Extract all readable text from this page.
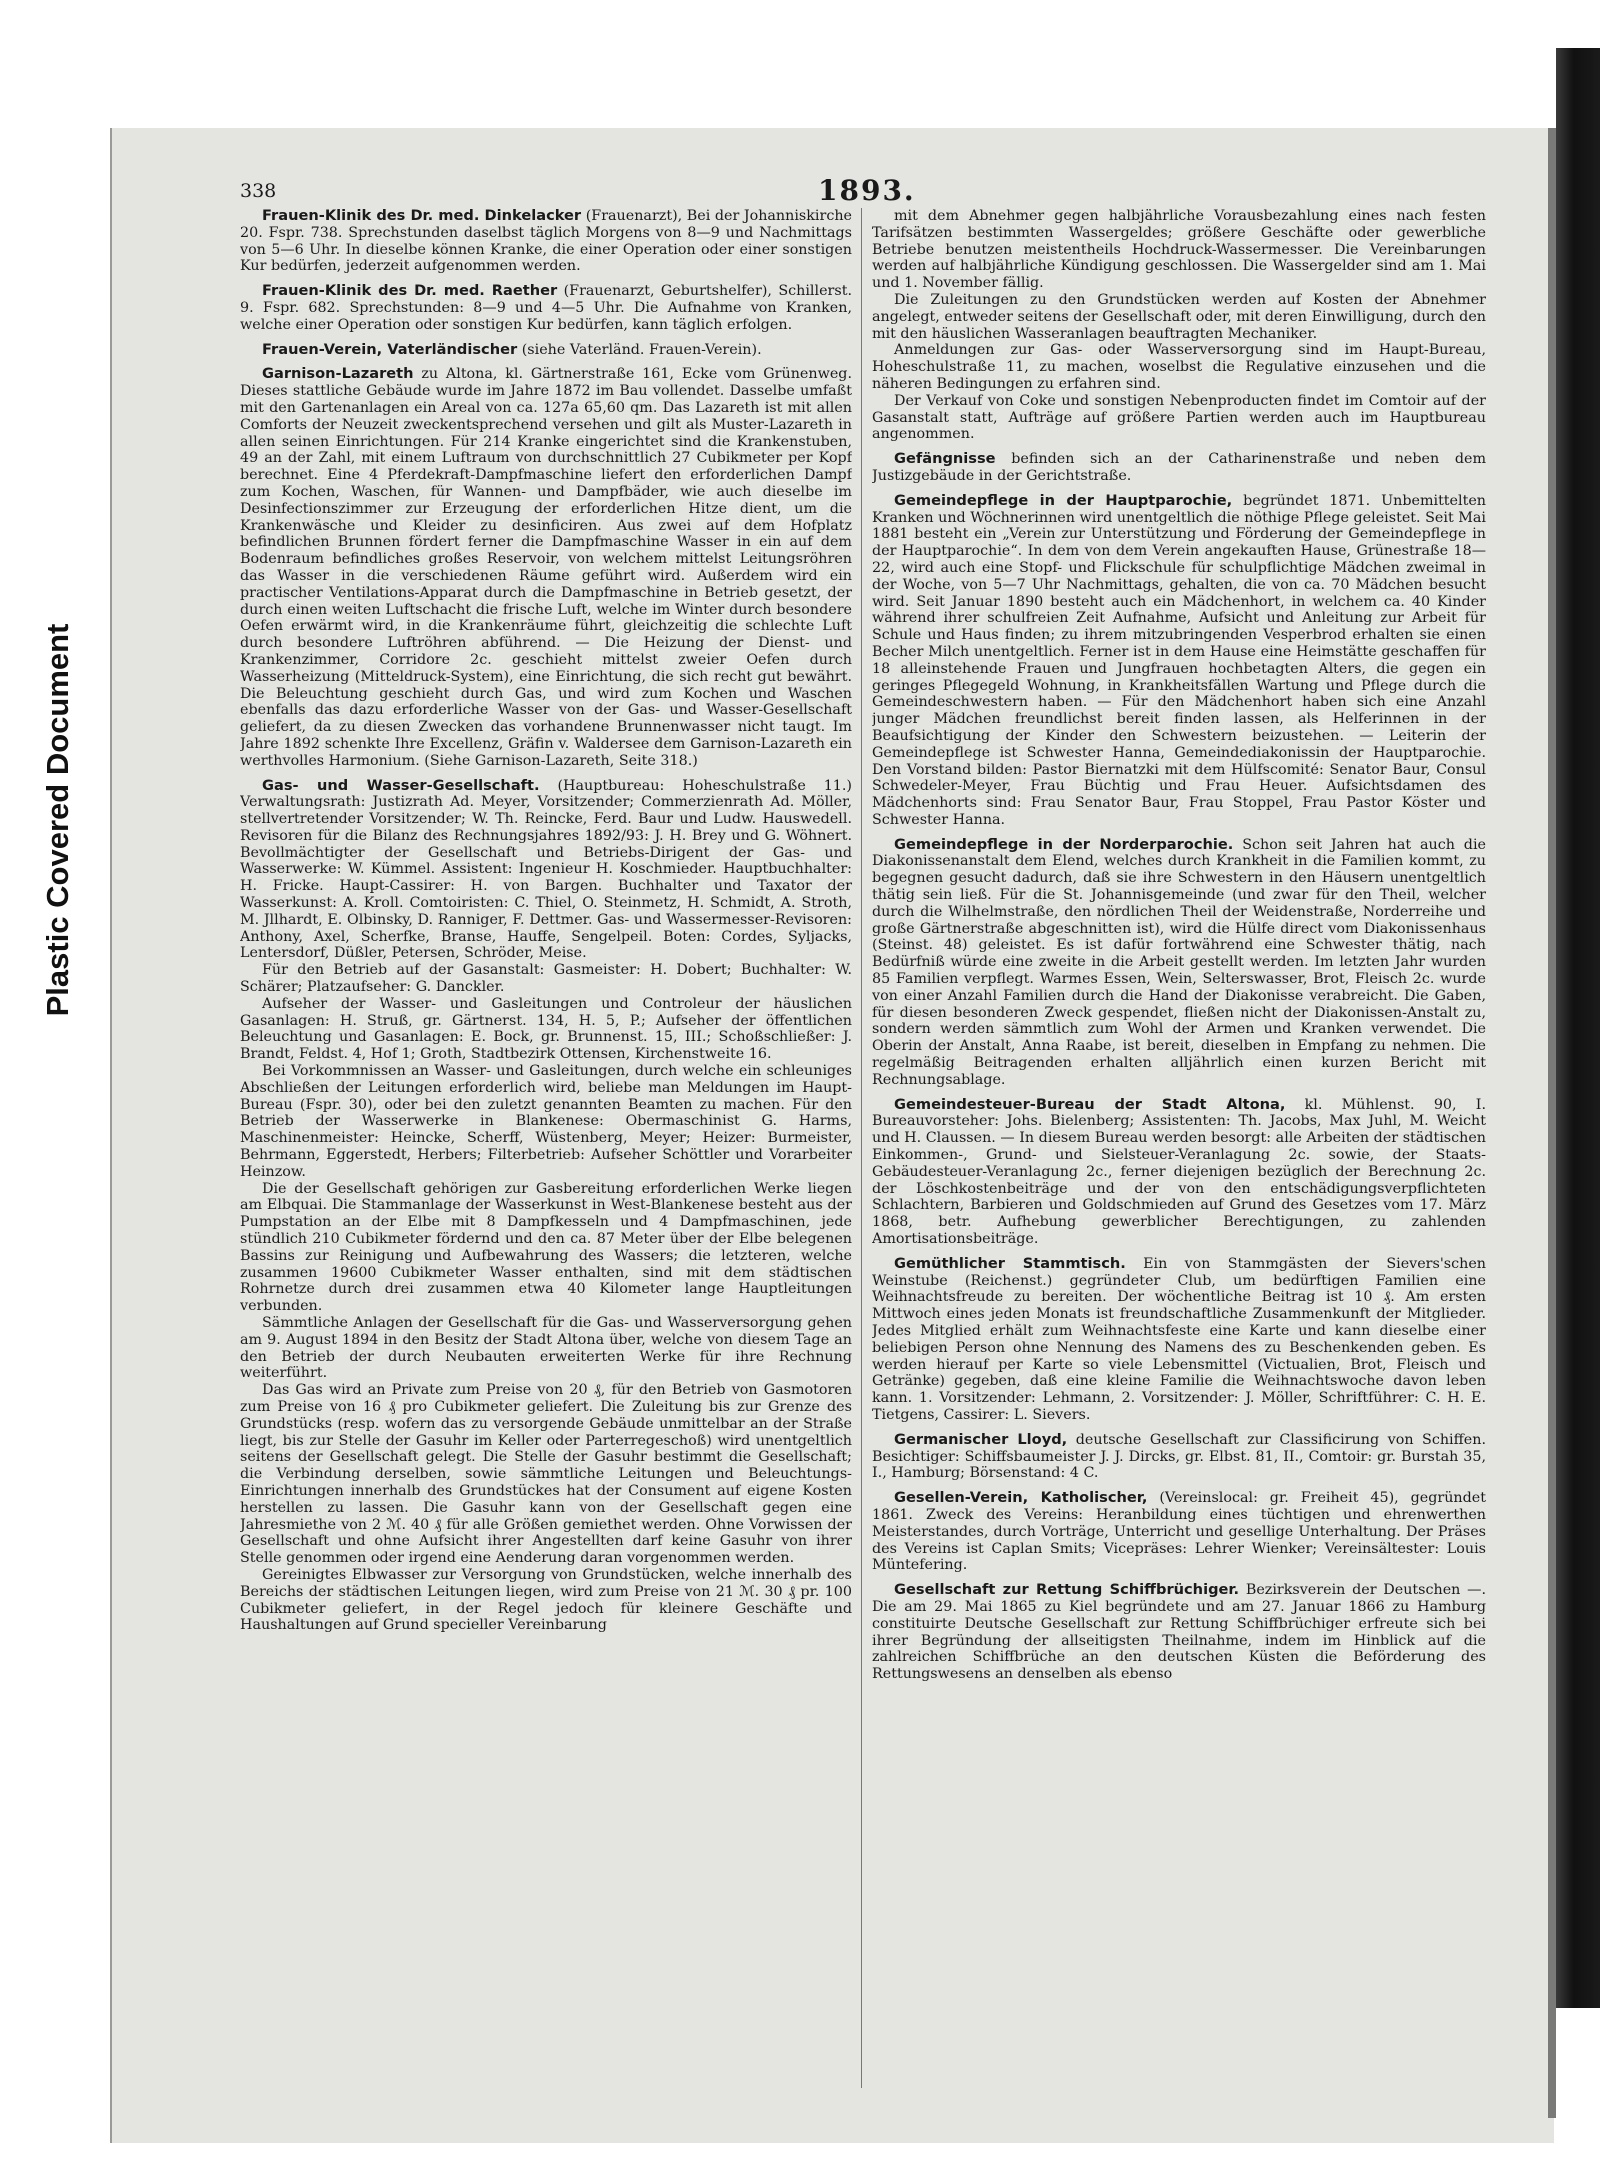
Plastic Covered Document
338	1893.

Frauen-Klinik des Dr. med. Dinkelacker (Frauenarzt), Bei der Johanniskirche 20. Fspr. 738. Sprechstunden daselbst täglich Morgens von 8—9 und Nachmittags von 5—6 Uhr. In dieselbe können Kranke, die einer Operation oder einer sonstigen Kur bedürfen, jederzeit aufgenommen werden.

Frauen-Klinik des Dr. med. Raether (Frauenarzt, Geburtshelfer), Schillerst. 9. Fspr. 682. Sprechstunden: 8—9 und 4—5 Uhr. Die Aufnahme von Kranken, welche einer Operation oder sonstigen Kur bedürfen, kann täglich erfolgen.

Frauen-Verein, Vaterländischer (siehe Vaterländ. Frauen-Verein).

Garnison-Lazareth zu Altona, kl. Gärtnerstraße 161, Ecke vom Grünenweg. Dieses stattliche Gebäude wurde im Jahre 1872 im Bau vollendet. Dasselbe umfaßt mit den Gartenanlagen ein Areal von ca. 127a 65,60 qm. Das Lazareth ist mit allen Comforts der Neuzeit zweckentsprechend versehen und gilt als Muster-Lazareth in allen seinen Einrichtungen. Für 214 Kranke eingerichtet sind die Krankenstuben, 49 an der Zahl, mit einem Luftraum von durchschnittlich 27 Cubikmeter per Kopf berechnet. Eine 4 Pferdekraft-Dampfmaschine liefert den erforderlichen Dampf zum Kochen, Waschen, für Wannen- und Dampfbäder, wie auch dieselbe im Desinfectionszimmer zur Erzeugung der erforderlichen Hitze dient, um die Krankenwäsche und Kleider zu desinficiren. Aus zwei auf dem Hofplatz befindlichen Brunnen fördert ferner die Dampfmaschine Wasser in ein auf dem Bodenraum befindliches großes Reservoir, von welchem mittelst Leitungsröhren das Wasser in die verschiedenen Räume geführt wird. Außerdem wird ein practischer Ventilations-Apparat durch die Dampfmaschine in Betrieb gesetzt, der durch einen weiten Luftschacht die frische Luft, welche im Winter durch besondere Oefen erwärmt wird, in die Krankenräume führt, gleichzeitig die schlechte Luft durch besondere Luftröhren abführend. — Die Heizung der Dienst- und Krankenzimmer, Corridore 2c. geschieht mittelst zweier Oefen durch Wasserheizung (Mitteldruck-System), eine Einrichtung, die sich recht gut bewährt. Die Beleuchtung geschieht durch Gas, und wird zum Kochen und Waschen ebenfalls das dazu erforderliche Wasser von der Gas- und Wasser-Gesellschaft geliefert, da zu diesen Zwecken das vorhandene Brunnenwasser nicht taugt. Im Jahre 1892 schenkte Ihre Excellenz, Gräfin v. Waldersee dem Garnison-Lazareth ein werthvolles Harmonium. (Siehe Garnison-Lazareth, Seite 318.)

Gas- und Wasser-Gesellschaft. (Hauptbureau: Hoheschulstraße 11.) Verwaltungsrath: Justizrath Ad. Meyer, Vorsitzender; Commerzienrath Ad. Möller, stellvertretender Vorsitzender; W. Th. Reincke, Ferd. Baur und Ludw. Hauswedell. Revisoren für die Bilanz des Rechnungsjahres 1892/93: J. H. Brey und G. Wöhnert. Bevollmächtigter der Gesellschaft und Betriebs-Dirigent der Gas- und Wasserwerke: W. Kümmel. Assistent: Ingenieur H. Koschmieder. Hauptbuchhalter: H. Fricke. Haupt-Cassirer: H. von Bargen. Buchhalter und Taxator der Wasserkunst: A. Kroll. Comtoiristen: C. Thiel, O. Steinmetz, H. Schmidt, A. Stroth, M. Jllhardt, E. Olbinsky, D. Ranniger, F. Dettmer. Gas- und Wassermesser-Revisoren: Anthony, Axel, Scherfke, Branse, Hauffe, Sengelpeil. Boten: Cordes, Syljacks, Lentersdorf, Düßler, Petersen, Schröder, Meise.

Für den Betrieb auf der Gasanstalt: Gasmeister: H. Dobert; Buchhalter: W. Schärer; Platzaufseher: G. Danckler.

Aufseher der Wasser- und Gasleitungen und Controleur der häuslichen Gasanlagen: H. Struß, gr. Gärtnerst. 134, H. 5, P.; Aufseher der öffentlichen Beleuchtung und Gasanlagen: E. Bock, gr. Brunnenst. 15, III.; Schoßschließer: J. Brandt, Feldst. 4, Hof 1; Groth, Stadtbezirk Ottensen, Kirchenstweite 16.

Bei Vorkommnissen an Wasser- und Gasleitungen, durch welche ein schleuniges Abschließen der Leitungen erforderlich wird, beliebe man Meldungen im Haupt-Bureau (Fspr. 30), oder bei den zuletzt genannten Beamten zu machen. Für den Betrieb der Wasserwerke in Blankenese: Obermaschinist G. Harms, Maschinenmeister: Heincke, Scherff, Wüstenberg, Meyer; Heizer: Burmeister, Behrmann, Eggerstedt, Herbers; Filterbetrieb: Aufseher Schöttler und Vorarbeiter Heinzow.

Die der Gesellschaft gehörigen zur Gasbereitung erforderlichen Werke liegen am Elbquai. Die Stammanlage der Wasserkunst in West-Blankenese besteht aus der Pumpstation an der Elbe mit 8 Dampfkesseln und 4 Dampfmaschinen, jede stündlich 210 Cubikmeter fördernd und den ca. 87 Meter über der Elbe belegenen Bassins zur Reinigung und Aufbewahrung des Wassers; die letzteren, welche zusammen 19600 Cubikmeter Wasser enthalten, sind mit dem städtischen Rohrnetze durch drei zusammen etwa 40 Kilometer lange Hauptleitungen verbunden.

Sämmtliche Anlagen der Gesellschaft für die Gas- und Wasserversorgung gehen am 9. August 1894 in den Besitz der Stadt Altona über, welche von diesem Tage an den Betrieb der durch Neubauten erweiterten Werke für ihre Rechnung weiterführt.

Das Gas wird an Private zum Preise von 20 ₰, für den Betrieb von Gasmotoren zum Preise von 16 ₰ pro Cubikmeter geliefert. Die Zuleitung bis zur Grenze des Grundstücks (resp. wofern das zu versorgende Gebäude unmittelbar an der Straße liegt, bis zur Stelle der Gasuhr im Keller oder Parterregeschoß) wird unentgeltlich seitens der Gesellschaft gelegt. Die Stelle der Gasuhr bestimmt die Gesellschaft; die Verbindung derselben, sowie sämmtliche Leitungen und Beleuchtungs-Einrichtungen innerhalb des Grundstückes hat der Consument auf eigene Kosten herstellen zu lassen. Die Gasuhr kann von der Gesellschaft gegen eine Jahresmiethe von 2 ℳ. 40 ₰ für alle Größen gemiethet werden. Ohne Vorwissen der Gesellschaft und ohne Aufsicht ihrer Angestellten darf keine Gasuhr von ihrer Stelle genommen oder irgend eine Aenderung daran vorgenommen werden.

Gereinigtes Elbwasser zur Versorgung von Grundstücken, welche innerhalb des Bereichs der städtischen Leitungen liegen, wird zum Preise von 21 ℳ. 30 ₰ pr. 100 Cubikmeter geliefert, in der Regel jedoch für kleinere Geschäfte und Haushaltungen auf Grund specieller Vereinbarung

mit dem Abnehmer gegen halbjährliche Vorausbezahlung eines nach festen Tarifsätzen bestimmten Wassergeldes; größere Geschäfte oder gewerbliche Betriebe benutzen meistentheils Hochdruck-Wassermesser. Die Vereinbarungen werden auf halbjährliche Kündigung geschlossen. Die Wassergelder sind am 1. Mai und 1. November fällig.

Die Zuleitungen zu den Grundstücken werden auf Kosten der Abnehmer angelegt, entweder seitens der Gesellschaft oder, mit deren Einwilligung, durch den mit den häuslichen Wasseranlagen beauftragten Mechaniker.

Anmeldungen zur Gas- oder Wasserversorgung sind im Haupt-Bureau, Hoheschulstraße 11, zu machen, woselbst die Regulative einzusehen und die näheren Bedingungen zu erfahren sind.

Der Verkauf von Coke und sonstigen Nebenproducten findet im Comtoir auf der Gasanstalt statt, Aufträge auf größere Partien werden auch im Hauptbureau angenommen.

Gefängnisse befinden sich an der Catharinenstraße und neben dem Justizgebäude in der Gerichtstraße.

Gemeindepflege in der Hauptparochie, begründet 1871. Unbemittelten Kranken und Wöchnerinnen wird unentgeltlich die nöthige Pflege geleistet. Seit Mai 1881 besteht ein „Verein zur Unterstützung und Förderung der Gemeindepflege in der Hauptparochie“. In dem von dem Verein angekauften Hause, Grünestraße 18—22, wird auch eine Stopf- und Flickschule für schulpflichtige Mädchen zweimal in der Woche, von 5—7 Uhr Nachmittags, gehalten, die von ca. 70 Mädchen besucht wird. Seit Januar 1890 besteht auch ein Mädchenhort, in welchem ca. 40 Kinder während ihrer schulfreien Zeit Aufnahme, Aufsicht und Anleitung zur Arbeit für Schule und Haus finden; zu ihrem mitzubringenden Vesperbrod erhalten sie einen Becher Milch unentgeltlich. Ferner ist in dem Hause eine Heimstätte geschaffen für 18 alleinstehende Frauen und Jungfrauen hochbetagten Alters, die gegen ein geringes Pflegegeld Wohnung, in Krankheitsfällen Wartung und Pflege durch die Gemeindeschwestern haben. — Für den Mädchenhort haben sich eine Anzahl junger Mädchen freundlichst bereit finden lassen, als Helferinnen in der Beaufsichtigung der Kinder den Schwestern beizustehen. — Leiterin der Gemeindepflege ist Schwester Hanna, Gemeindediakonissin der Hauptparochie. Den Vorstand bilden: Pastor Biernatzki mit dem Hülfscomité: Senator Baur, Consul Schwedeler-Meyer, Frau Büchtig und Frau Heuer. Aufsichtsdamen des Mädchenhorts sind: Frau Senator Baur, Frau Stoppel, Frau Pastor Köster und Schwester Hanna.

Gemeindepflege in der Norderparochie. Schon seit Jahren hat auch die Diakonissenanstalt dem Elend, welches durch Krankheit in die Familien kommt, zu begegnen gesucht dadurch, daß sie ihre Schwestern in den Häusern unentgeltlich thätig sein ließ. Für die St. Johannisgemeinde (und zwar für den Theil, welcher durch die Wilhelmstraße, den nördlichen Theil der Weidenstraße, Norderreihe und große Gärtnerstraße abgeschnitten ist), wird die Hülfe direct vom Diakonissenhaus (Steinst. 48) geleistet. Es ist dafür fortwährend eine Schwester thätig, nach Bedürfniß würde eine zweite in die Arbeit gestellt werden. Im letzten Jahr wurden 85 Familien verpflegt. Warmes Essen, Wein, Selterswasser, Brot, Fleisch 2c. wurde von einer Anzahl Familien durch die Hand der Diakonisse verabreicht. Die Gaben, für diesen besonderen Zweck gespendet, fließen nicht der Diakonissen-Anstalt zu, sondern werden sämmtlich zum Wohl der Armen und Kranken verwendet. Die Oberin der Anstalt, Anna Raabe, ist bereit, dieselben in Empfang zu nehmen. Die regelmäßig Beitragenden erhalten alljährlich einen kurzen Bericht mit Rechnungsablage.

Gemeindesteuer-Bureau der Stadt Altona, kl. Mühlenst. 90, I. Bureauvorsteher: Johs. Bielenberg; Assistenten: Th. Jacobs, Max Juhl, M. Weicht und H. Claussen. — In diesem Bureau werden besorgt: alle Arbeiten der städtischen Einkommen-, Grund- und Sielsteuer-Veranlagung 2c. sowie, der Staats-Gebäudesteuer-Veranlagung 2c., ferner diejenigen bezüglich der Berechnung 2c. der Löschkostenbeiträge und der von den entschädigungsverpflichteten Schlachtern, Barbieren und Goldschmieden auf Grund des Gesetzes vom 17. März 1868, betr. Aufhebung gewerblicher Berechtigungen, zu zahlenden Amortisationsbeiträge.

Gemüthlicher Stammtisch. Ein von Stammgästen der Sievers'schen Weinstube (Reichenst.) gegründeter Club, um bedürftigen Familien eine Weihnachtsfreude zu bereiten. Der wöchentliche Beitrag ist 10 ₰. Am ersten Mittwoch eines jeden Monats ist freundschaftliche Zusammenkunft der Mitglieder. Jedes Mitglied erhält zum Weihnachtsfeste eine Karte und kann dieselbe einer beliebigen Person ohne Nennung des Namens des zu Beschenkenden geben. Es werden hierauf per Karte so viele Lebensmittel (Victualien, Brot, Fleisch und Getränke) gegeben, daß eine kleine Familie die Weihnachtswoche davon leben kann. 1. Vorsitzender: Lehmann, 2. Vorsitzender: J. Möller, Schriftführer: C. H. E. Tietgens, Cassirer: L. Sievers.

Germanischer Lloyd, deutsche Gesellschaft zur Classificirung von Schiffen. Besichtiger: Schiffsbaumeister J. J. Dircks, gr. Elbst. 81, II., Comtoir: gr. Burstah 35, I., Hamburg; Börsenstand: 4 C.

Gesellen-Verein, Katholischer, (Vereinslocal: gr. Freiheit 45), gegründet 1861. Zweck des Vereins: Heranbildung eines tüchtigen und ehrenwerthen Meisterstandes, durch Vorträge, Unterricht und gesellige Unterhaltung. Der Präses des Vereins ist Caplan Smits; Vicepräses: Lehrer Wienker; Vereinsältester: Louis Müntefering.

Gesellschaft zur Rettung Schiffbrüchiger. Bezirksverein der Deutschen —. Die am 29. Mai 1865 zu Kiel begründete und am 27. Januar 1866 zu Hamburg constituirte Deutsche Gesellschaft zur Rettung Schiffbrüchiger erfreute sich bei ihrer Begründung der allseitigsten Theilnahme, indem im Hinblick auf die zahlreichen Schiffbrüche an den deutschen Küsten die Beförderung des Rettungswesens an denselben als ebenso
